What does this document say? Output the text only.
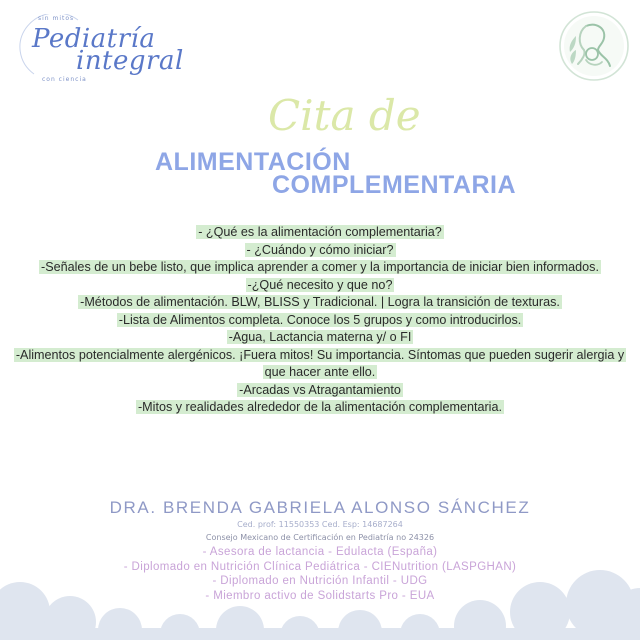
sin mitos
Pediatría
integral
con ciencia
Cita de
ALIMENTACIÓN
COMPLEMENTARIA

- ¿Qué es la alimentación complementaria?

- ¿Cuándo y cómo iniciar?

-Señales de un bebe listo, que implica aprender a comer y la importancia de iniciar bien informados.

-¿Qué necesito y que no?

-Métodos de alimentación. BLW, BLISS y Tradicional. | Logra la transición de texturas.

-Lista de Alimentos completa. Conoce los 5 grupos y como introducirlos.

-Agua, Lactancia materna y/ o FI

-Alimentos potencialmente alergénicos. ¡Fuera mitos! Su importancia. Síntomas que pueden sugerir alergia y que hacer ante ello.

-Arcadas vs Atragantamiento

-Mitos y realidades alrededor de la alimentación complementaria.

DRA. BRENDA GABRIELA ALONSO SÁNCHEZ
Ced. prof: 11550353 Ced. Esp: 14687264
Consejo Mexicano de Certificación en Pediatría no 24326
- Asesora de lactancia - Edulacta (España)
- Diplomado en Nutrición Clínica Pediátrica - CIENutrition (LASPGHAN)
- Diplomado en Nutrición Infantil - UDG
- Miembro activo de Solidstarts Pro - EUA
